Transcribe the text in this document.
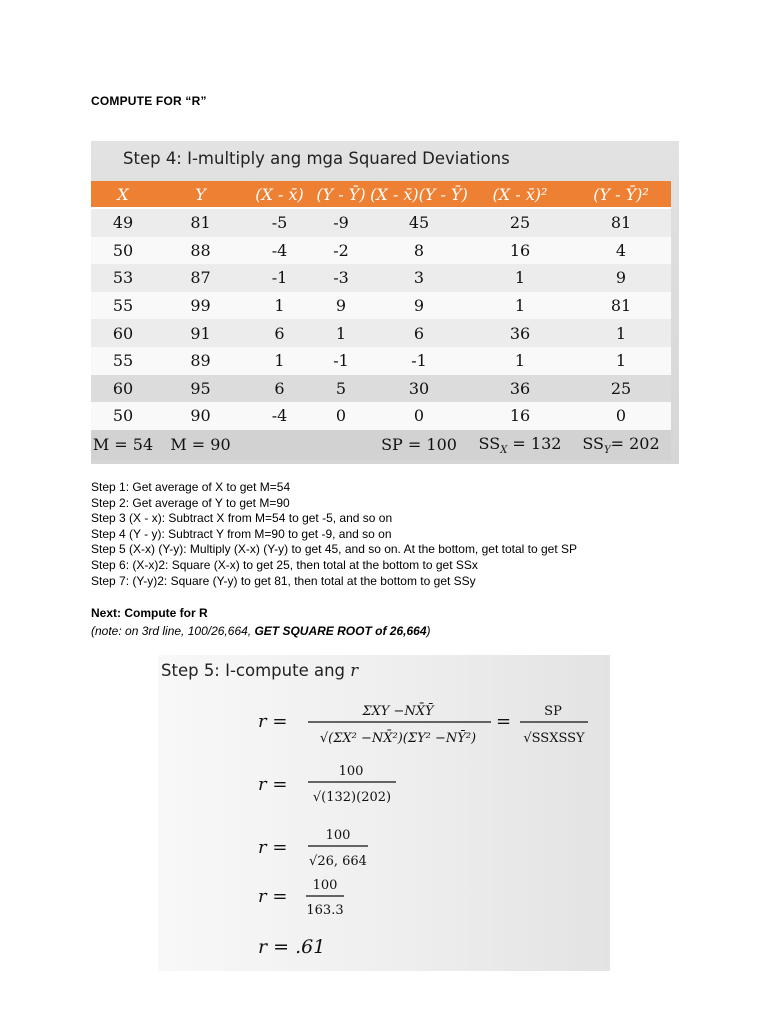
COMPUTE FOR “R”
Step 4: I-multiply ang mga Squared Deviations
X	Y	(X - x̄)	(Y - Ȳ)	(X - x̄)(Y - Ȳ)	(X - x̄)²	(Y - Ȳ)²
49	81	-5	-9	45	25	81
50	88	-4	-2	8	16	4
53	87	-1	-3	3	1	9
55	99	1	9	9	1	81
60	91	6	1	6	36	1
55	89	1	-1	-1	1	1
60	95	6	5	30	36	25
50	90	-4	0	0	16	0
M = 54	M = 90			SP = 100	$SS_X = 132$	$SS_Y= 202$
Step 1: Get average of X to get M=54
Step 2: Get average of Y to get M=90
Step 3 (X - x): Subtract X from M=54 to get -5, and so on
Step 4 (Y - y): Subtract Y from M=90 to get -9, and so on
Step 5 (X-x) (Y-y): Multiply (X-x) (Y-y) to get 45, and so on. At the bottom, get total to get SP
Step 6: (X-x)2: Square (X-x) to get 25, then total at the bottom to get SSx
Step 7: (Y-y)2: Square (Y-y) to get 81, then total at the bottom to get SSy
Next: Compute for R
(note: on 3rd line, 100/26,664, GET SQUARE ROOT of 26,664)
Step 5: I-compute ang r
r =	ΣXY −NX̄Ȳ
√(ΣX² −NX̄²)(ΣY² −NȲ²)
=	SP
√SSXSSY
r =
100
√(132)(202)
r =
100
√26, 664
r =
100
163.3
r = .61
